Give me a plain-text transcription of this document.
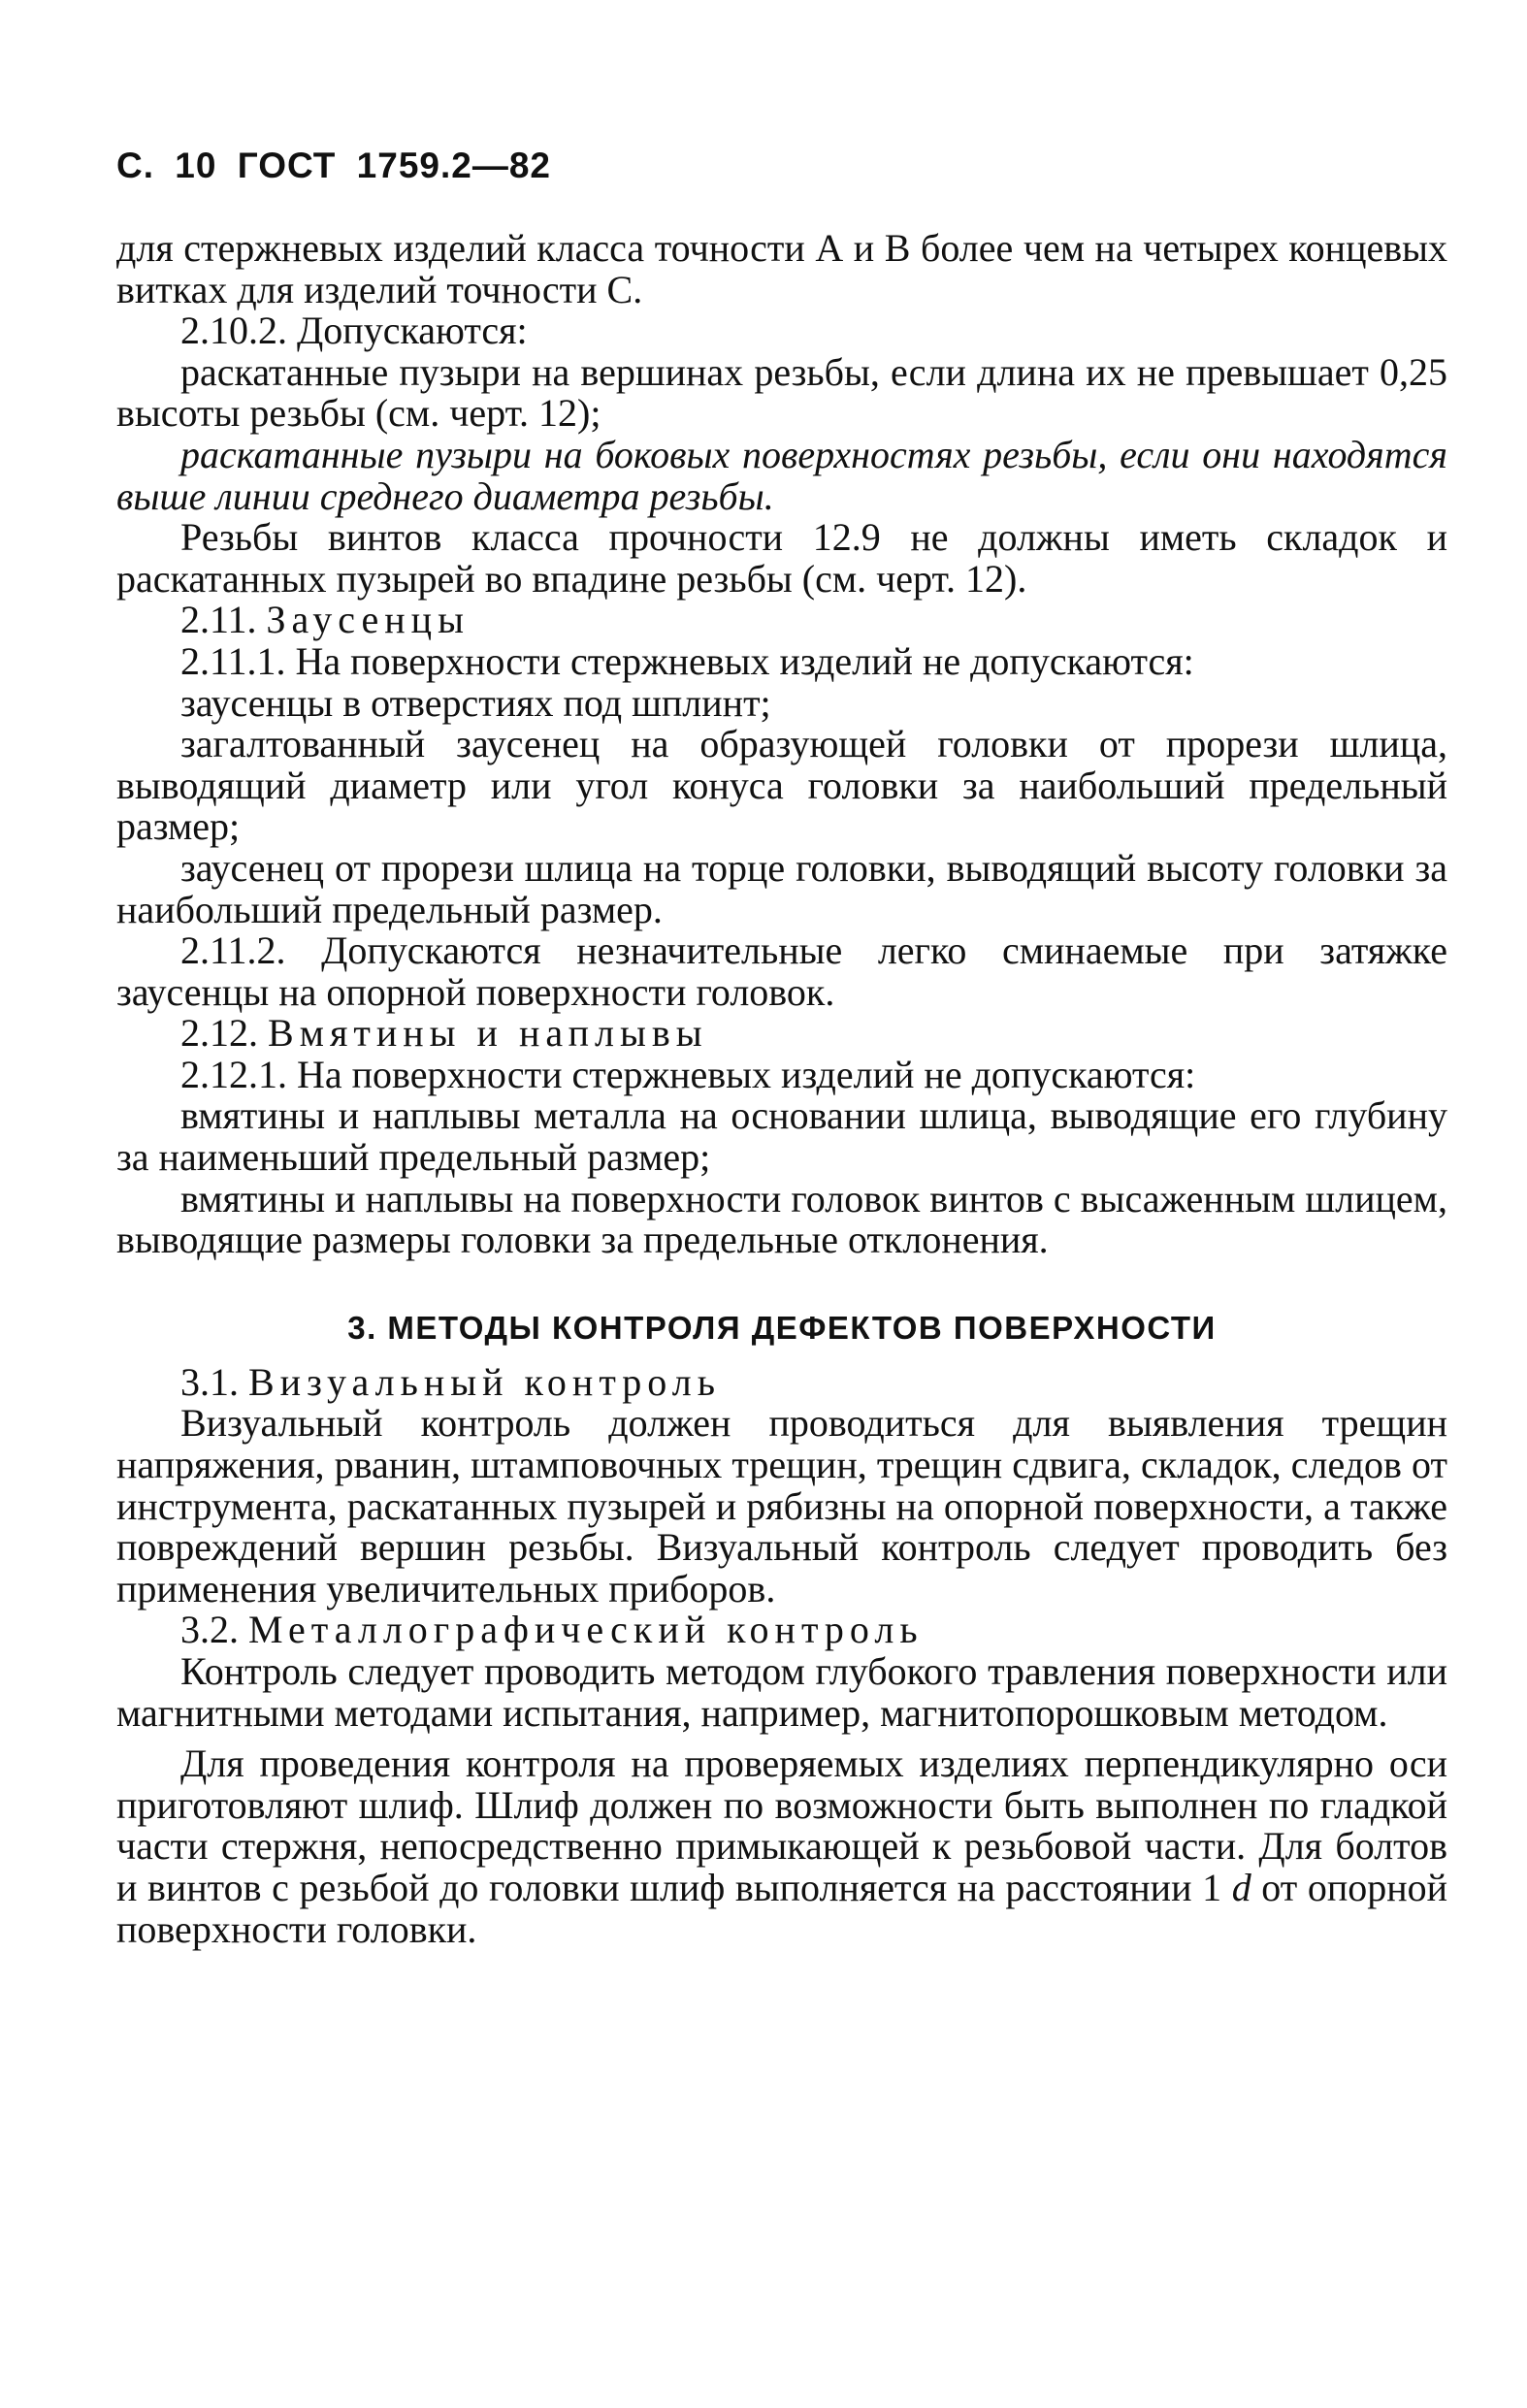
С. 10 ГОСТ 1759.2—82

для стержневых изделий класса точности А и В более чем на четырех концевых витках для изделий точности С.

2.10.2. Допускаются:

раскатанные пузыри на вершинах резьбы, если длина их не превышает 0,25 высоты резьбы (см. черт. 12);

раскатанные пузыри на боковых поверхностях резьбы, если они находятся выше линии среднего диаметра резьбы.

Резьбы винтов класса прочности 12.9 не должны иметь складок и раскатанных пузырей во впадине резьбы (см. черт. 12).

2.11. Заусенцы

2.11.1. На поверхности стержневых изделий не допускаются:

заусенцы в отверстиях под шплинт;

загалтованный заусенец на образующей головки от прорези шлица, выводящий диаметр или угол конуса головки за наибольший предельный размер;

заусенец от прорези шлица на торце головки, выводящий высоту головки за наибольший предельный размер.

2.11.2. Допускаются незначительные легко сминаемые при затяжке заусенцы на опорной поверхности головок.

2.12. Вмятины и наплывы

2.12.1. На поверхности стержневых изделий не допускаются:

вмятины и наплывы металла на основании шлица, выводящие его глубину за наименьший предельный размер;

вмятины и наплывы на поверхности головок винтов с высаженным шлицем, выводящие размеры головки за предельные отклонения.

3. МЕТОДЫ КОНТРОЛЯ ДЕФЕКТОВ ПОВЕРХНОСТИ

3.1. Визуальный контроль

Визуальный контроль должен проводиться для выявления трещин напряжения, рванин, штамповочных трещин, трещин сдвига, складок, следов от инструмента, раскатанных пузырей и рябизны на опорной поверхности, а также повреждений вершин резьбы. Визуальный контроль следует проводить без применения увеличительных приборов.

3.2. Металлографический контроль

Контроль следует проводить методом глубокого травления поверхности или магнитными методами испытания, например, магнитопорошковым методом.

Для проведения контроля на проверяемых изделиях перпендикулярно оси приготовляют шлиф. Шлиф должен по возможности быть выполнен по гладкой части стержня, непосредственно примыкающей к резьбовой части. Для болтов и винтов с резьбой до головки шлиф выполняется на расстоянии 1 d от опорной поверхности головки.
